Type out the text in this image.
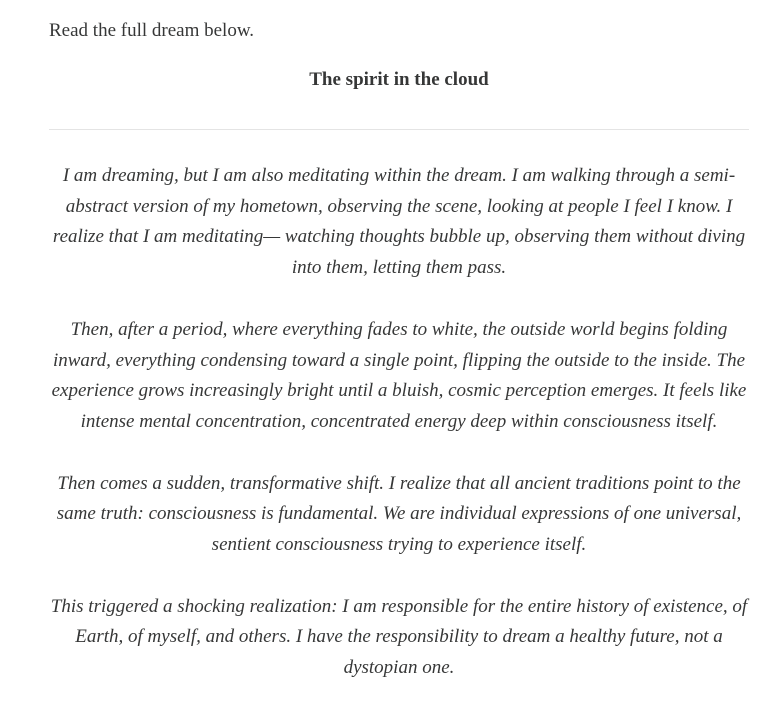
Read the full dream below.

The spirit in the cloud

I am dreaming, but I am also meditating within the dream. I am walking through a semi-abstract version of my hometown, observing the scene, looking at people I feel I know. I realize that I am meditating— watching thoughts bubble up, observing them without diving into them, letting them pass.

Then, after a period, where everything fades to white, the outside world begins folding inward, everything condensing toward a single point, flipping the outside to the inside. The experience grows increasingly bright until a bluish, cosmic perception emerges. It feels like intense mental concentration, concentrated energy deep within consciousness itself.

Then comes a sudden, transformative shift. I realize that all ancient traditions point to the same truth: consciousness is fundamental. We are individual expressions of one universal, sentient consciousness trying to experience itself.

This triggered a shocking realization: I am responsible for the entire history of existence, of Earth, of myself, and others. I have the responsibility to dream a healthy future, not a dystopian one.
